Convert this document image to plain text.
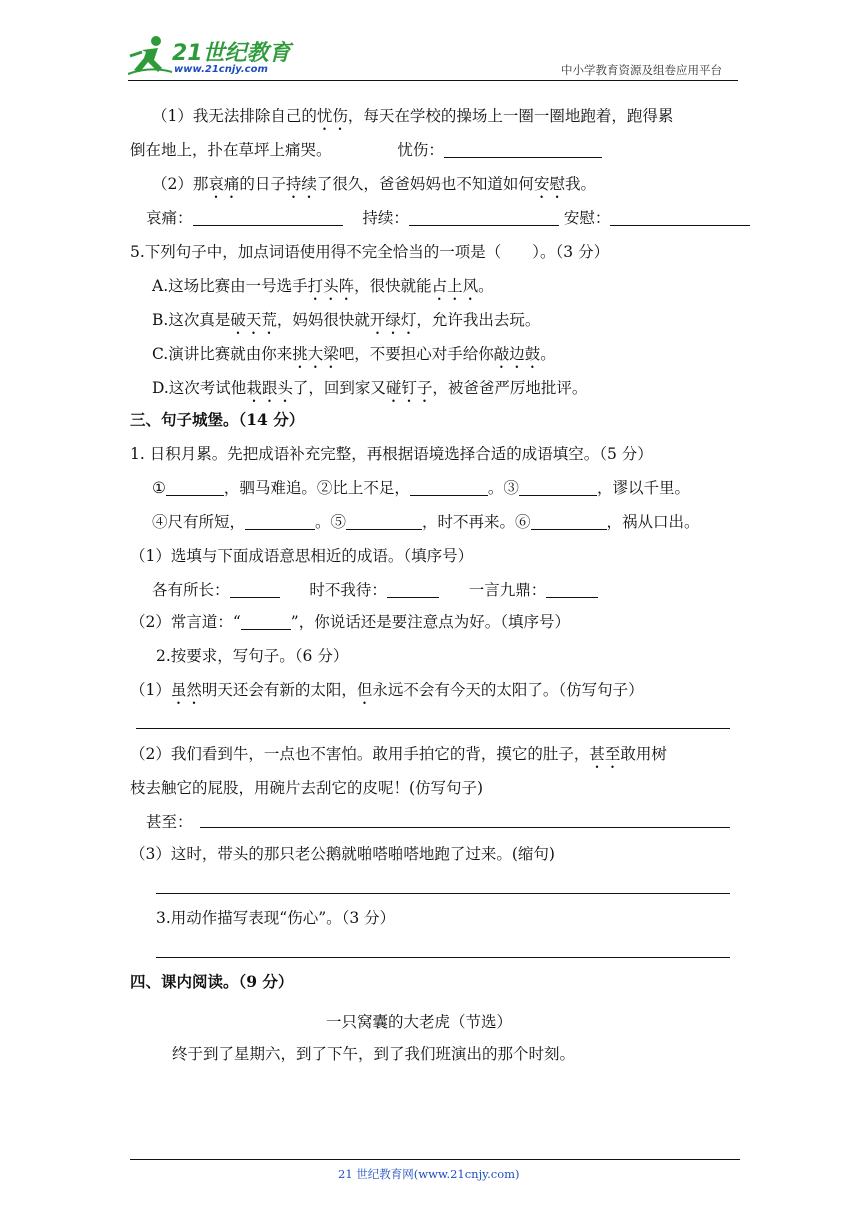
21世纪教育
www.21cnjy.com	中小学教育资源及组卷应用平台
（1）我无法排除自己的忧伤，每天在学校的操场上一圈一圈地跑着，跑得累
倒在地上，扑在草坪上痛哭。	忧伤：
（2）那哀痛的日子持续了很久，爸爸妈妈也不知道如何安慰我。
哀痛：	持续：	安慰：
5.下列句子中，加点词语使用得不完全恰当的一项是（　　）。（3 分）
A.这场比赛由一号选手打头阵，很快就能占上风。
B.这次真是破天荒，妈妈很快就开绿灯，允许我出去玩。
C.演讲比赛就由你来挑大梁吧，不要担心对手给你敲边鼓。
D.这次考试他栽跟头了，回到家又碰钉子，被爸爸严厉地批评。
三、句子城堡。（14 分）
1. 日积月累。先把成语补充完整，再根据语境选择合适的成语填空。（5 分）
①	，驷马难追。②比上不足，	。③	，谬以千里。
④尺有所短，	。⑤	，时不再来。⑥	，祸从口出。
（1）选填与下面成语意思相近的成语。（填序号）
各有所长：	时不我待：	一言九鼎：
（2）常言道：“	”，你说话还是要注意点为好。（填序号）
2.按要求，写句子。（6 分）
（1）虽然明天还会有新的太阳，但永远不会有今天的太阳了。（仿写句子）
（2）我们看到牛，一点也不害怕。敢用手拍它的背，摸它的肚子，甚至敢用树
枝去触它的屁股，用碗片去刮它的皮呢！(仿写句子)
甚至：
（3）这时，带头的那只老公鹅就啪嗒啪嗒地跑了过来。(缩句)
3.用动作描写表现“伤心”。（3 分）
四、课内阅读。（9 分）
一只窝囊的大老虎（节选）
终于到了星期六，到了下午，到了我们班演出的那个时刻。
21 世纪教育网(www.21cnjy.com)
